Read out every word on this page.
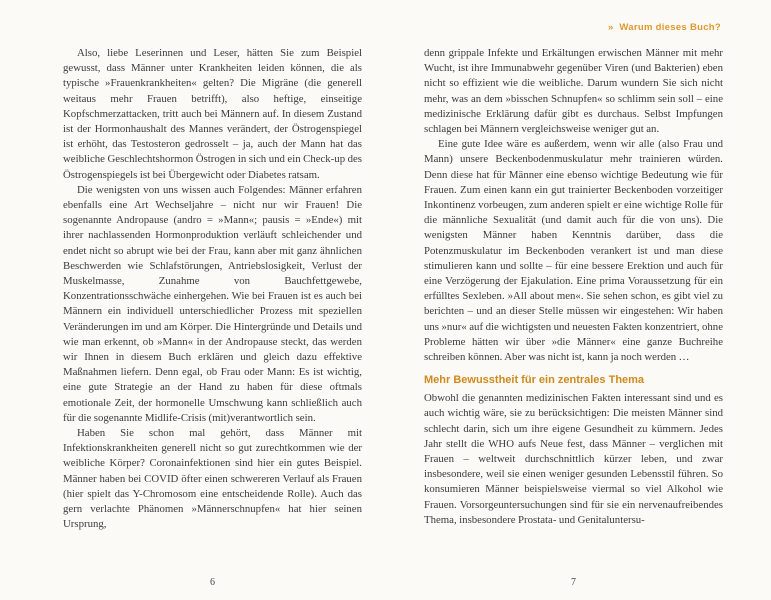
» Warum dieses Buch?

Also, liebe Leserinnen und Leser, hätten Sie zum Beispiel gewusst, dass Männer unter Krankheiten leiden können, die als typische »Frauenkrankheiten« gelten? Die Migräne (die generell weitaus mehr Frauen betrifft), also heftige, einseitige Kopfschmerzattacken, tritt auch bei Männern auf. In diesem Zustand ist der Hormonhaushalt des Mannes verändert, der Östrogenspiegel ist erhöht, das Testosteron gedrosselt – ja, auch der Mann hat das weibliche Geschlechtshormon Östrogen in sich und ein Check-up des Östrogenspiegels ist bei Übergewicht oder Diabetes ratsam.

Die wenigsten von uns wissen auch Folgendes: Männer erfahren ebenfalls eine Art Wechseljahre – nicht nur wir Frauen! Die sogenannte Andropause (andro = »Mann«; pausis = »Ende«) mit ihrer nachlassenden Hormonproduktion verläuft schleichender und endet nicht so abrupt wie bei der Frau, kann aber mit ganz ähnlichen Beschwerden wie Schlafstörungen, Antriebslosigkeit, Verlust der Muskelmasse, Zunahme von Bauchfettgewebe, Konzentrationsschwäche einhergehen. Wie bei Frauen ist es auch bei Männern ein individuell unterschiedlicher Prozess mit speziellen Veränderungen im und am Körper. Die Hintergründe und Details und wie man erkennt, ob »Mann« in der Andropause steckt, das werden wir Ihnen in diesem Buch erklären und gleich dazu effektive Maßnahmen liefern. Denn egal, ob Frau oder Mann: Es ist wichtig, eine gute Strategie an der Hand zu haben für diese oftmals emotionale Zeit, der hormonelle Umschwung kann schließlich auch für die sogenannte Midlife-Crisis (mit)verantwortlich sein.

Haben Sie schon mal gehört, dass Männer mit Infektionskrankheiten generell nicht so gut zurechtkommen wie der weibliche Körper? Coronainfektionen sind hier ein gutes Beispiel. Männer haben bei COVID öfter einen schwereren Verlauf als Frauen (hier spielt das Y-Chromosom eine entscheidende Rolle). Auch das gern verlachte Phänomen »Männerschnupfen« hat hier seinen Ursprung,

6

denn grippale Infekte und Erkältungen erwischen Männer mit mehr Wucht, ist ihre Immunabwehr gegenüber Viren (und Bakterien) eben nicht so effizient wie die weibliche. Darum wundern Sie sich nicht mehr, was an dem »bisschen Schnupfen« so schlimm sein soll – eine medizinische Erklärung dafür gibt es durchaus. Selbst Impfungen schlagen bei Männern vergleichsweise weniger gut an.

Eine gute Idee wäre es außerdem, wenn wir alle (also Frau und Mann) unsere Beckenbodenmuskulatur mehr trainieren würden. Denn diese hat für Männer eine ebenso wichtige Bedeutung wie für Frauen. Zum einen kann ein gut trainierter Beckenboden vorzeitiger Inkontinenz vorbeugen, zum anderen spielt er eine wichtige Rolle für die männliche Sexualität (und damit auch für die von uns). Die wenigsten Männer haben Kenntnis darüber, dass die Potenzmuskulatur im Beckenboden verankert ist und man diese stimulieren kann und sollte – für eine bessere Erektion und auch für eine Verzögerung der Ejakulation. Eine prima Voraussetzung für ein erfülltes Sexleben. »All about men«. Sie sehen schon, es gibt viel zu berichten – und an dieser Stelle müssen wir eingestehen: Wir haben uns »nur« auf die wichtigsten und neuesten Fakten konzentriert, ohne Probleme hätten wir über »die Männer« eine ganze Buchreihe schreiben können. Aber was nicht ist, kann ja noch werden …

Mehr Bewusstheit für ein zentrales Thema

Obwohl die genannten medizinischen Fakten interessant sind und es auch wichtig wäre, sie zu berücksichtigen: Die meisten Männer sind schlecht darin, sich um ihre eigene Gesundheit zu kümmern. Jedes Jahr stellt die WHO aufs Neue fest, dass Männer – verglichen mit Frauen – weltweit durchschnittlich kürzer leben, und zwar insbesondere, weil sie einen weniger gesunden Lebensstil führen. So konsumieren Männer beispielsweise viermal so viel Alkohol wie Frauen. Vorsorgeuntersuchungen sind für sie ein nervenaufreibendes Thema, insbesondere Prostata- und Genitaluntersu-

7
